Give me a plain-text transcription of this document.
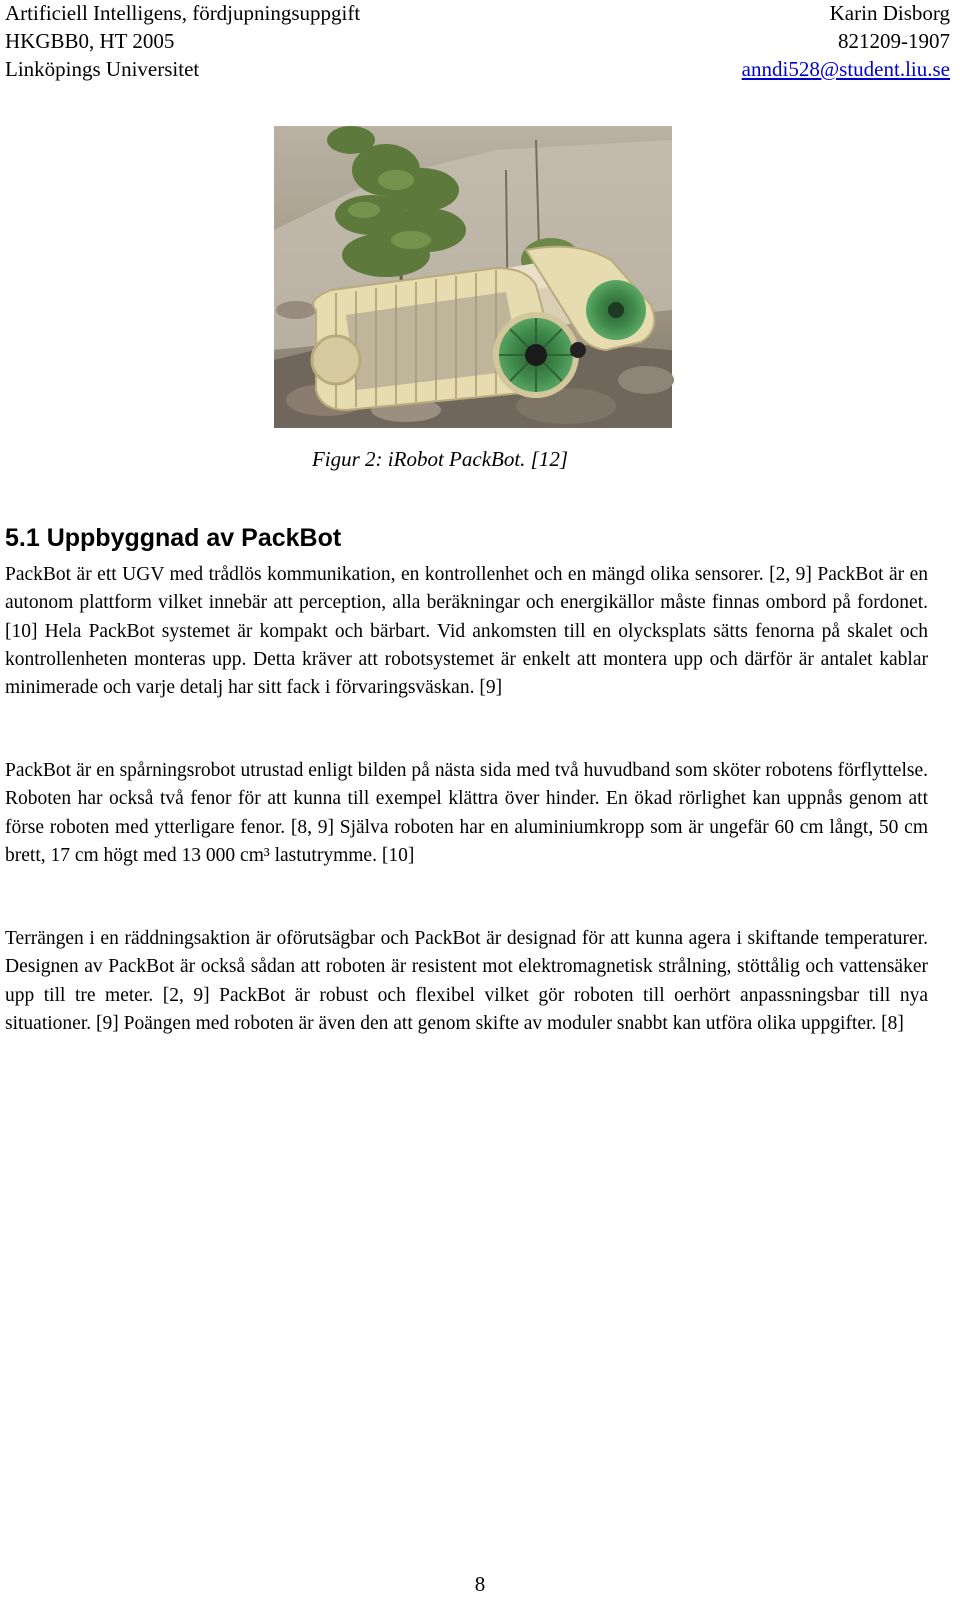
Artificiell Intelligens, fördjupningsuppgift	Karin Disborg
HKGBB0, HT 2005	821209-1907
Linköpings Universitet	anndi528@student.liu.se
Figur 2: iRobot PackBot. [12]
5.1 Uppbyggnad av PackBot

PackBot är ett UGV med trådlös kommunikation, en kontrollenhet och en mängd olika sensorer. [2, 9] PackBot är en autonom plattform vilket innebär att perception, alla beräkningar och energikällor måste finnas ombord på fordonet. [10] Hela PackBot systemet är kompakt och bärbart. Vid ankomsten till en olycksplats sätts fenorna på skalet och kontrollenheten monteras upp. Detta kräver att robotsystemet är enkelt att montera upp och därför är antalet kablar minimerade och varje detalj har sitt fack i förvaringsväskan. [9]

PackBot är en spårningsrobot utrustad enligt bilden på nästa sida med två huvudband som sköter robotens förflyttelse. Roboten har också två fenor för att kunna till exempel klättra över hinder. En ökad rörlighet kan uppnås genom att förse roboten med ytterligare fenor. [8, 9] Själva roboten har en aluminiumkropp som är ungefär 60 cm långt, 50 cm brett, 17 cm högt med 13 000 cm³ lastutrymme. [10]

Terrängen i en räddningsaktion är oförutsägbar och PackBot är designad för att kunna agera i skiftande temperaturer. Designen av PackBot är också sådan att roboten är resistent mot elektromagnetisk strålning, stöttålig och vattensäker upp till tre meter. [2, 9] PackBot är robust och flexibel vilket gör roboten till oerhört anpassningsbar till nya situationer. [9] Poängen med roboten är även den att genom skifte av moduler snabbt kan utföra olika uppgifter. [8]

8
